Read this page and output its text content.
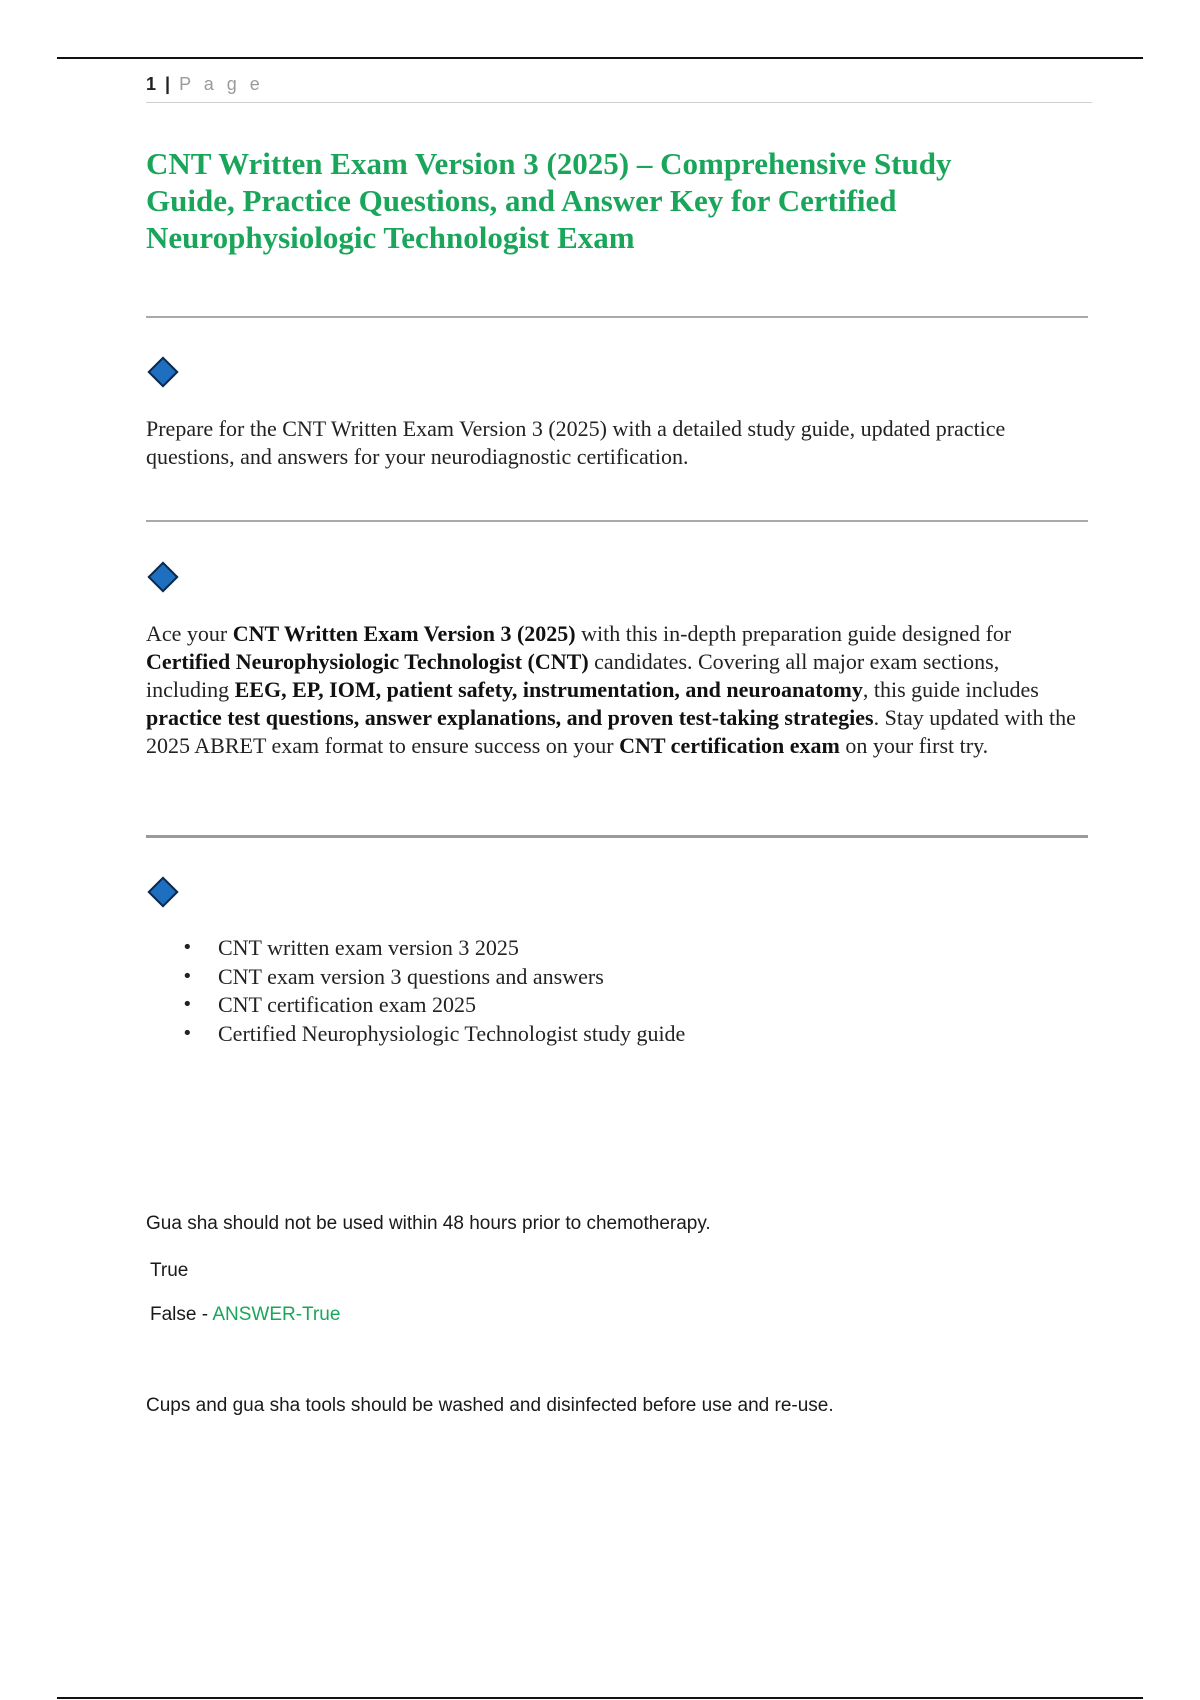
1 | P a g e
CNT Written Exam Version 3 (2025) – Comprehensive Study Guide, Practice Questions, and Answer Key for Certified Neurophysiologic Technologist Exam

Prepare for the CNT Written Exam Version 3 (2025) with a detailed study guide, updated practice questions, and answers for your neurodiagnostic certification.

Ace your CNT Written Exam Version 3 (2025) with this in-depth preparation guide designed for Certified Neurophysiologic Technologist (CNT) candidates. Covering all major exam sections, including EEG, EP, IOM, patient safety, instrumentation, and neuroanatomy, this guide includes practice test questions, answer explanations, and proven test-taking strategies. Stay updated with the 2025 ABRET exam format to ensure success on your CNT certification exam on your first try.

• CNT written exam version 3 2025
• CNT exam version 3 questions and answers
• CNT certification exam 2025
• Certified Neurophysiologic Technologist study guide

Gua sha should not be used within 48 hours prior to chemotherapy.

True

False - ANSWER-True

Cups and gua sha tools should be washed and disinfected before use and re-use.
